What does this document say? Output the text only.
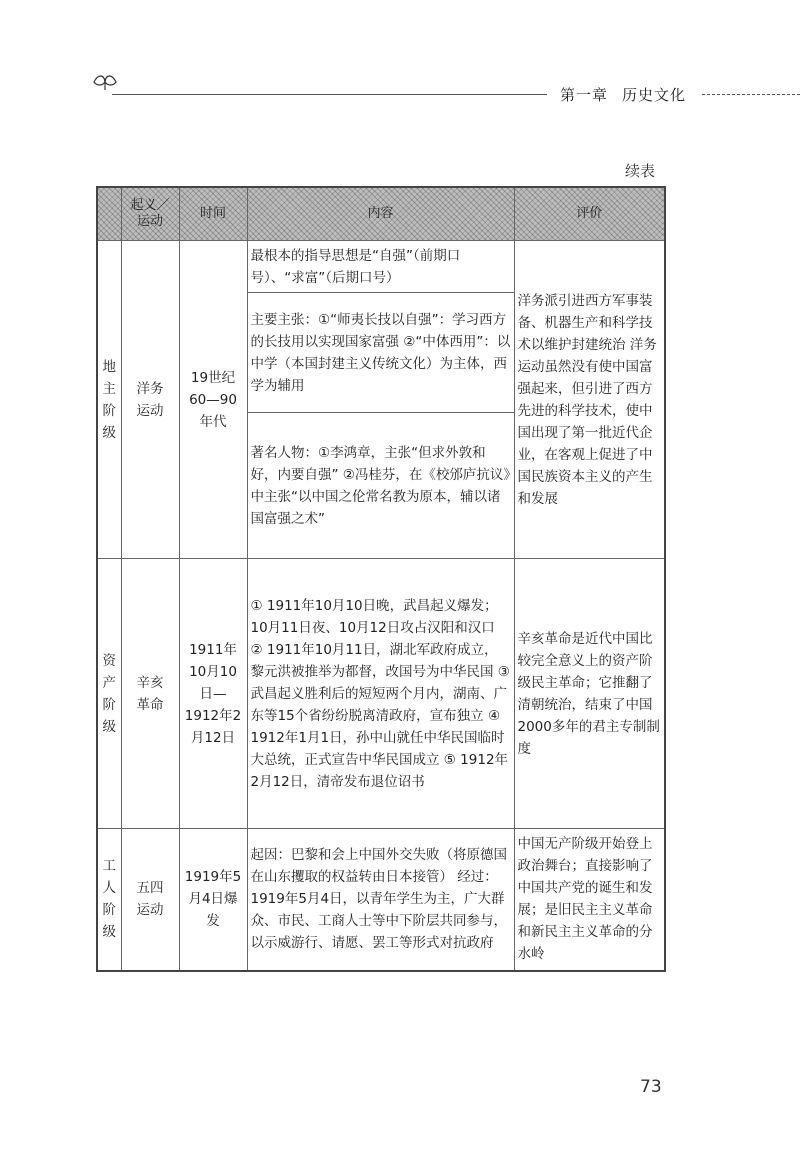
第一章 历史文化
续表
	起义／运动	时间	内容	评价

地主阶级	洋务运动	19世纪60—90年代	最根本的指导思想是“自强”（前期口号）、“求富”（后期口号）	洋务派引进西方军事装备、机器生产和科学技术以维护封建统治 洋务运动虽然没有使中国富强起来，但引进了西方先进的科学技术，使中国出现了第一批近代企业，在客观上促进了中国民族资本主义的产生和发展

			主要主张：①“师夷长技以自强”：学习西方的长技用以实现国家富强 ②“中体西用”：以中学（本国封建主义传统文化）为主体，西学为辅用	

			著名人物：①李鸿章，主张“但求外敦和好，内要自强” ②冯桂芬，在《校邠庐抗议》中主张“以中国之伦常名教为原本，辅以诸国富强之术”	

资产阶级	辛亥革命	1911年10月10日—1912年2月12日	① 1911年10月10日晚，武昌起义爆发；10月11日夜、10月12日攻占汉阳和汉口 ② 1911年10月11日，湖北军政府成立，黎元洪被推举为都督，改国号为中华民国 ③武昌起义胜利后的短短两个月内，湖南、广东等15个省纷纷脱离清政府，宣布独立 ④ 1912年1月1日，孙中山就任中华民国临时大总统，正式宣告中华民国成立 ⑤ 1912年2月12日，清帝发布退位诏书	辛亥革命是近代中国比较完全意义上的资产阶级民主革命；它推翻了清朝统治，结束了中国2000多年的君主专制制度

工人阶级	五四运动	1919年5月4日爆发	起因：巴黎和会上中国外交失败（将原德国在山东攫取的权益转由日本接管） 经过：1919年5月4日，以青年学生为主，广大群众、市民、工商人士等中下阶层共同参与，以示威游行、请愿、罢工等形式对抗政府	中国无产阶级开始登上政治舞台；直接影响了中国共产党的诞生和发展；是旧民主主义革命和新民主主义革命的分水岭
73
